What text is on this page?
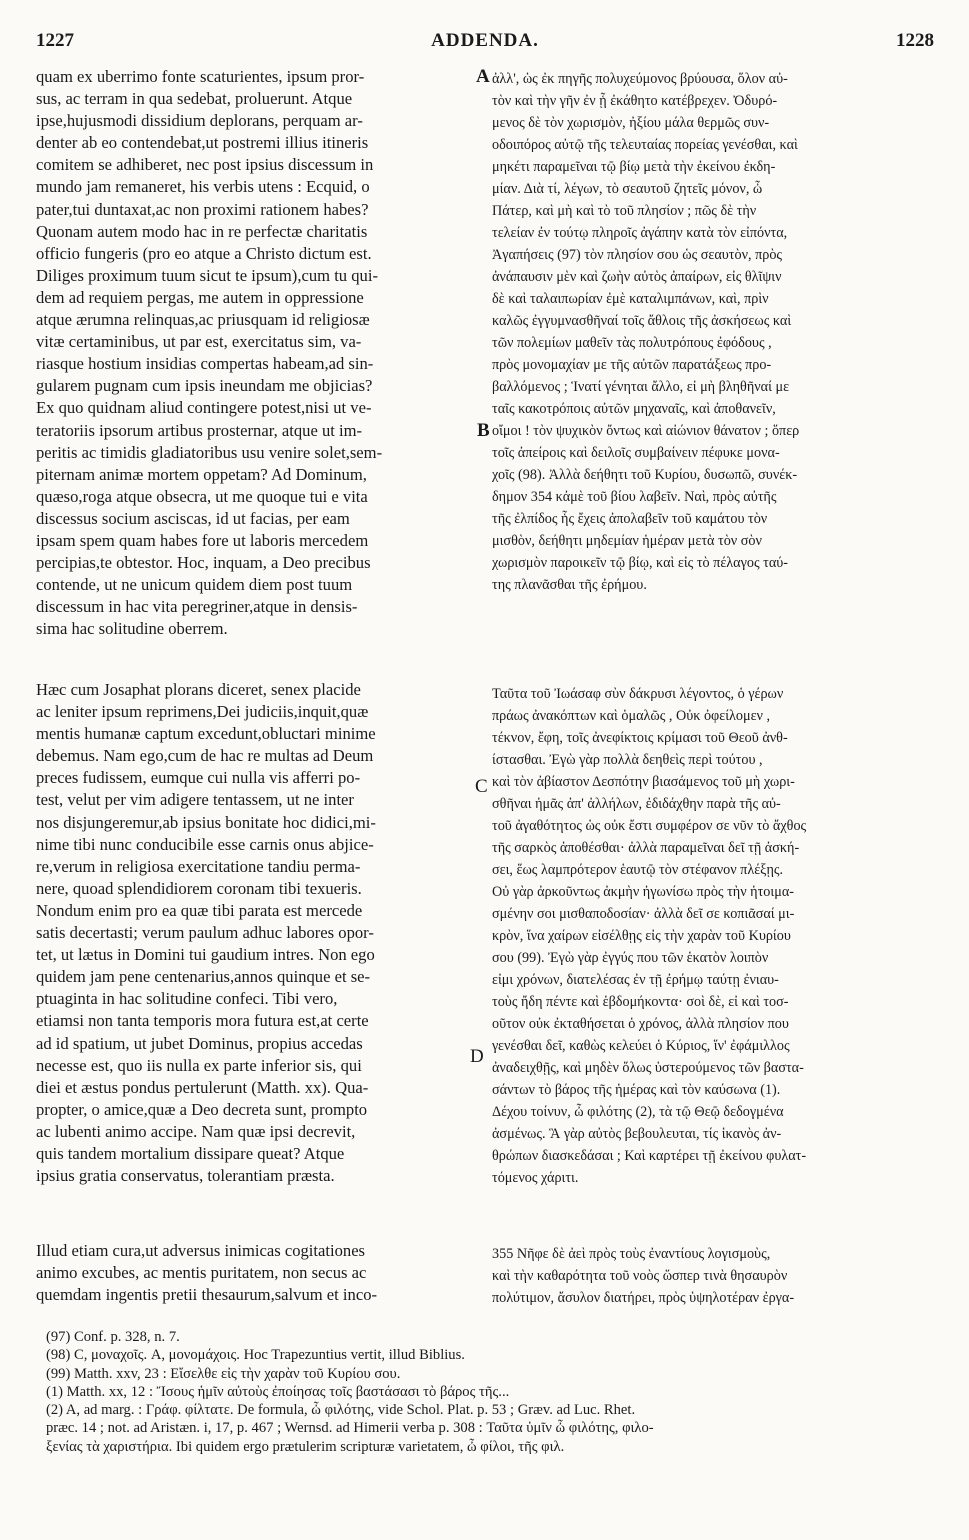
1227	ADDENDA.	1228
A
B
C
D
quam ex uberrimo fonte scaturientes, ipsum pror-
sus, ac terram in qua sedebat, proluerunt. Atque
ipse,hujusmodi dissidium deplorans, perquam ar-
denter ab eo contendebat,ut postremi illius itineris
comitem se adhiberet, nec post ipsius discessum in
mundo jam remaneret, his verbis utens : Ecquid, o
pater,tui duntaxat,ac non proximi rationem habes?
Quonam autem modo hac in re perfectæ charitatis
officio fungeris (pro eo atque a Christo dictum est.
Diliges proximum tuum sicut te ipsum),cum tu qui-
dem ad requiem pergas, me autem in oppressione
atque ærumna relinquas,ac priusquam id religiosæ
vitæ certaminibus, ut par est, exercitatus sim, va-
riasque hostium insidias compertas habeam,ad sin-
gularem pugnam cum ipsis ineundam me objicias?
Ex quo quidnam aliud contingere potest,nisi ut ve-
teratoriis ipsorum artibus prosternar, atque ut im-
peritis ac timidis gladiatoribus usu venire solet,sem-
piternam animæ mortem oppetam? Ad Dominum,
quæso,roga atque obsecra, ut me quoque tui e vita
discessus socium asciscas, id ut facias, per eam
ipsam spem quam habes fore ut laboris mercedem
percipias,te obtestor. Hoc, inquam, a Deo precibus
contende, ut ne unicum quidem diem post tuum
discessum in hac vita peregriner,atque in densis-
sima hac solitudine oberrem.
Hæc cum Josaphat plorans diceret, senex placide
ac leniter ipsum reprimens,Dei judiciis,inquit,quæ
mentis humanæ captum excedunt,obluctari minime
debemus. Nam ego,cum de hac re multas ad Deum
preces fudissem, eumque cui nulla vis afferri po-
test, velut per vim adigere tentassem, ut ne inter
nos disjungeremur,ab ipsius bonitate hoc didici,mi-
nime tibi nunc conducibile esse carnis onus abjice-
re,verum in religiosa exercitatione tandiu perma-
nere, quoad splendidiorem coronam tibi texueris.
Nondum enim pro ea quæ tibi parata est mercede
satis decertasti; verum paulum adhuc labores opor-
tet, ut lætus in Domini tui gaudium intres. Non ego
quidem jam pene centenarius,annos quinque et se-
ptuaginta in hac solitudine confeci. Tibi vero,
etiamsi non tanta temporis mora futura est,at certe
ad id spatium, ut jubet Dominus, propius accedas
necesse est, quo iis nulla ex parte inferior sis, qui
diei et æstus pondus pertulerunt (Matth. xx). Qua-
propter, o amice,quæ a Deo decreta sunt, prompto
ac lubenti animo accipe. Nam quæ ipsi decrevit,
quis tandem mortalium dissipare queat? Atque
ipsius gratia conservatus, tolerantiam præsta.
Illud etiam cura,ut adversus inimicas cogitationes
animo excubes, ac mentis puritatem, non secus ac
quemdam ingentis pretii thesaurum,salvum et inco-
ἀλλ', ὡς ἐκ πηγῆς πολυχεύμονος βρύουσα, ὅλον αὐ-
τὸν καὶ τὴν γῆν ἐν ᾗ ἐκάθητο κατέβρεχεν. Ὀδυρό-
μενος δὲ τὸν χωρισμὸν, ἠξίου μάλα θερμῶς συν-
οδοιπόρος αὐτῷ τῆς τελευταίας πορείας γενέσθαι, καὶ
μηκέτι παραμεῖναι τῷ βίῳ μετὰ τὴν ἐκείνου ἐκδη-
μίαν. Διὰ τί, λέγων, τὸ σεαυτοῦ ζητεῖς μόνον, ὦ
Πάτερ, καὶ μὴ καὶ τὸ τοῦ πλησίον ; πῶς δὲ τὴν
τελείαν ἐν τούτῳ πληροῖς ἀγάπην κατὰ τὸν εἰπόντα,
Ἀγαπήσεις (97) τὸν πλησίον σου ὡς σεαυτὸν, πρὸς
ἀνάπαυσιν μὲν καὶ ζωὴν αὐτὸς ἀπαίρων, εἰς θλῖψιν
δὲ καὶ ταλαιπωρίαν ἐμὲ καταλιμπάνων, καὶ, πρὶν
καλῶς ἐγγυμνασθῆναί τοῖς ἄθλοις τῆς ἀσκήσεως καὶ
τῶν πολεμίων μαθεῖν τὰς πολυτρόπους ἐφόδους ,
πρὸς μονομαχίαν με τῆς αὐτῶν παρατάξεως προ-
βαλλόμενος ; Ἱνατί γένηται ἄλλο, εἰ μὴ βληθῆναί με
ταῖς κακοτρόποις αὐτῶν μηχαναῖς, καὶ ἀποθανεῖν,
οἴμοι ! τὸν ψυχικὸν ὄντως καὶ αἰώνιον θάνατον ; ὅπερ
τοῖς ἀπείροις καὶ δειλοῖς συμβαίνειν πέφυκε μονα-
χοῖς (98). Ἀλλὰ δεήθητι τοῦ Κυρίου, δυσωπῶ, συνέκ-
δημον 354 κἀμὲ τοῦ βίου λαβεῖν. Ναὶ, πρὸς αὐτῆς
τῆς ἐλπίδος ἧς ἔχεις ἀπολαβεῖν τοῦ καμάτου τὸν
μισθὸν, δεήθητι μηδεμίαν ἡμέραν μετὰ τὸν σὸν
χωρισμὸν παροικεῖν τῷ βίῳ, καὶ εἰς τὸ πέλαγος ταύ-
της πλανᾶσθαι τῆς ἐρήμου.
Ταῦτα τοῦ Ἰωάσαφ σὺν δάκρυσι λέγοντος, ὁ γέρων
πράως ἀνακόπτων καὶ ὁμαλῶς , Οὐκ ὀφείλομεν ,
τέκνον, ἔφη, τοῖς ἀνεφίκτοις κρίμασι τοῦ Θεοῦ ἀνθ-
ίστασθαι. Ἐγὼ γὰρ πολλὰ δεηθεὶς περὶ τούτου ,
καὶ τὸν ἀβίαστον Δεσπότην βιασάμενος τοῦ μὴ χωρι-
σθῆναι ἡμᾶς ἀπ' ἀλλήλων, ἐδιδάχθην παρὰ τῆς αὐ-
τοῦ ἀγαθότητος ὡς οὐκ ἔστι συμφέρον σε νῦν τὸ ἄχθος
τῆς σαρκὸς ἀποθέσθαι· ἀλλὰ παραμεῖναι δεῖ τῇ ἀσκή-
σει, ἕως λαμπρότερον ἑαυτῷ τὸν στέφανον πλέξῃς.
Οὐ γὰρ ἀρκοῦντως ἀκμὴν ἠγωνίσω πρὸς τὴν ἡτοιμα-
σμένην σοι μισθαποδοσίαν· ἀλλὰ δεῖ σε κοπιᾶσαί μι-
κρὸν, ἵνα χαίρων εἰσέλθῃς εἰς τὴν χαρὰν τοῦ Κυρίου
σου (99). Ἐγὼ γὰρ ἐγγύς που τῶν ἑκατὸν λοιπὸν
εἰμι χρόνων, διατελέσας ἐν τῇ ἐρήμῳ ταύτῃ ἐνιαυ-
τοὺς ἤδη πέντε καὶ ἑβδομήκοντα· σοὶ δὲ, εἰ καὶ τοσ-
οῦτον οὐκ ἐκταθήσεται ὁ χρόνος, ἀλλὰ πλησίον που
γενέσθαι δεῖ, καθὼς κελεύει ὁ Κύριος, ἵν' ἐφάμιλλος
ἀναδειχθῇς, καὶ μηδὲν ὅλως ὑστερούμενος τῶν βαστα-
σάντων τὸ βάρος τῆς ἡμέρας καὶ τὸν καύσωνα (1).
Δέχου τοίνυν, ὦ φιλότης (2), τὰ τῷ Θεῷ δεδογμένα
ἀσμένως. Ἃ γὰρ αὐτὸς βεβουλευται, τίς ἱκανὸς ἀν-
θρώπων διασκεδάσαι ; Καὶ καρτέρει τῇ ἐκείνου φυλατ-
τόμενος χάριτι.
355 Νῆφε δὲ ἀεὶ πρὸς τοὺς ἐναντίους λογισμοὺς,
καὶ τὴν καθαρότητα τοῦ νοὸς ὥσπερ τινὰ θησαυρὸν
πολύτιμον, ἄσυλον διατήρει, πρὸς ὑψηλοτέραν ἐργα-
(97) Conf. p. 328, n. 7.
(98) C, μοναχοῖς. A, μονομάχοις. Hoc Trapezuntius vertit, illud Biblius.
(99) Matth. xxv, 23 : Εἴσελθε εἰς τὴν χαρὰν τοῦ Κυρίου σου.
(1) Matth. xx, 12 : Ἴσους ἡμῖν αὐτοὺς ἐποίησας τοῖς βαστάσασι τὸ βάρος τῆς...
(2) A, ad marg. : Γράφ. φίλτατε. De formula, ὦ φιλότης, vide Schol. Plat. p. 53 ; Græv. ad Luc. Rhet.
præc. 14 ; not. ad Aristæn. i, 17, p. 467 ; Wernsd. ad Himerii verba p. 308 : Ταῦτα ὑμῖν ὦ φιλότης, φιλο-
ξενίας τὰ χαριστήρια. Ibi quidem ergo prætulerim scripturæ varietatem, ὦ φίλοι, τῆς φιλ.
